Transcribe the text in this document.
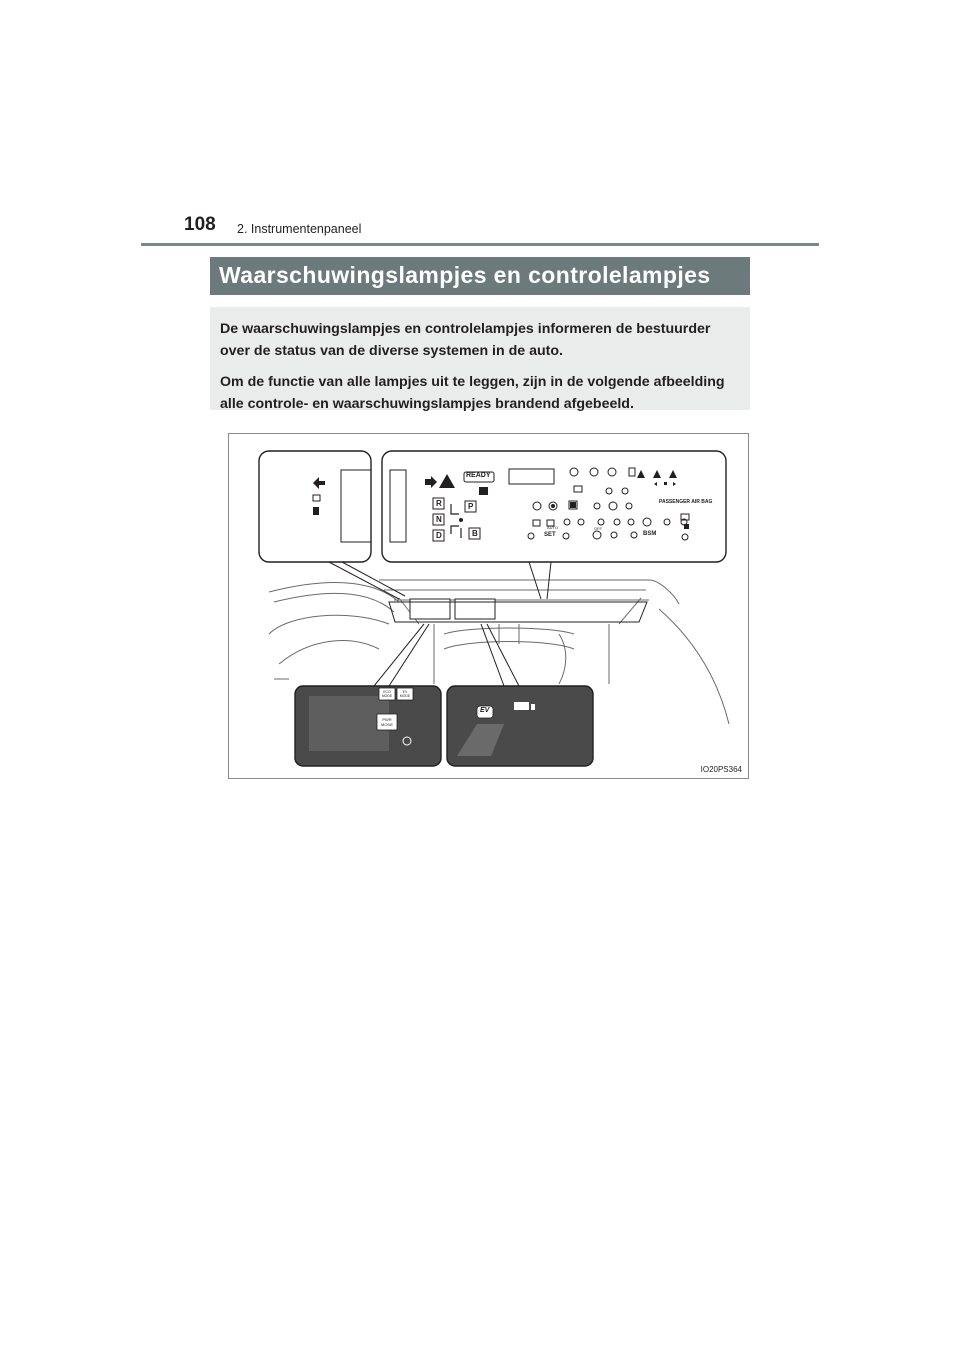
108 2. Instrumentenpaneel
Waarschuwingslampjes en controlelampjes

De waarschuwingslampjes en controlelampjes informeren de bestuurder over de status van de diverse systemen in de auto.

Om de functie van alle lampjes uit te leggen, zijn in de volgende afbeelding alle controle- en waarschuwingslampjes brandend afgebeeld.

READY
R
N
D
P
B
PASSENGER AIR BAG
SET
AUTO	OFF
BSM
ECO MODE
EV MODE
PWR MODE
EV
IO20PS364
